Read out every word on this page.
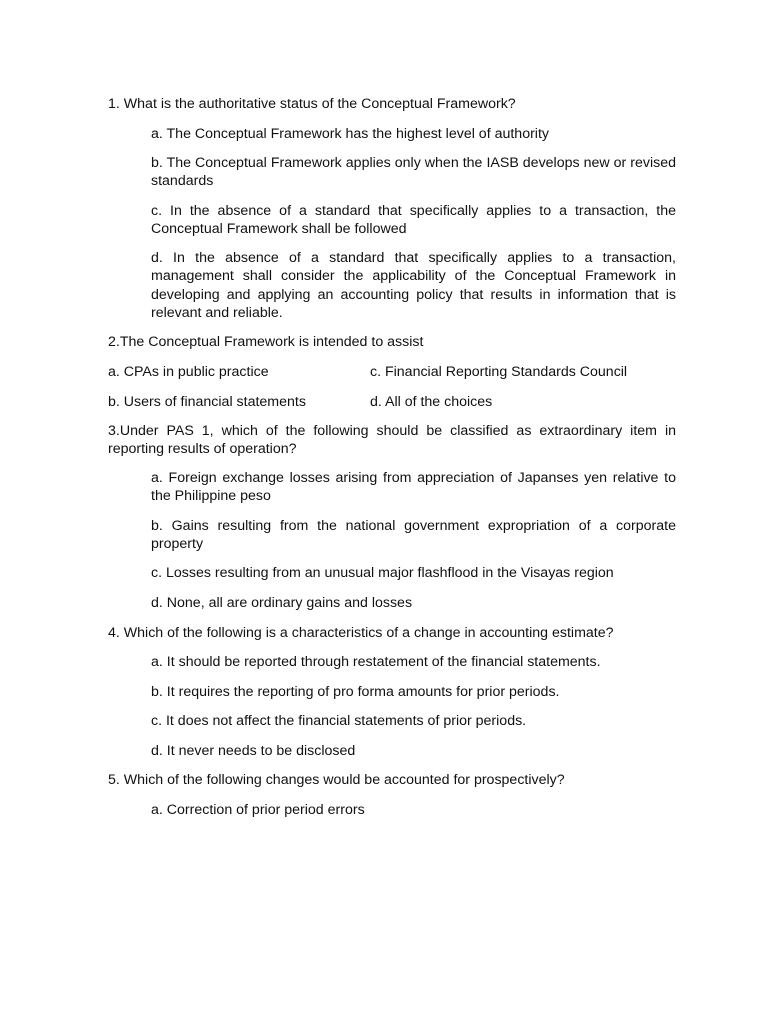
1. What is the authoritative status of the Conceptual Framework?

a. The Conceptual Framework has the highest level of authority

b. The Conceptual Framework applies only when the IASB develops new or revised standards

c. In the absence of a standard that specifically applies to a transaction, the Conceptual Framework shall be followed

d. In the absence of a standard that specifically applies to a transaction, management shall consider the applicability of the Conceptual Framework in developing and applying an accounting policy that results in information that is relevant and reliable.

2.The Conceptual Framework is intended to assist

a. CPAs in public practice	c. Financial Reporting Standards Council

b. Users of financial statements	d. All of the choices

3.Under PAS 1, which of the following should be classified as extraordinary item in reporting results of operation?

a. Foreign exchange losses arising from appreciation of Japanses yen relative to the Philippine peso

b. Gains resulting from the national government expropriation of a corporate property

c. Losses resulting from an unusual major flashflood in the Visayas region

d. None, all are ordinary gains and losses

4. Which of the following is a characteristics of a change in accounting estimate?

a. It should be reported through restatement of the financial statements.

b. It requires the reporting of pro forma amounts for prior periods.

c. It does not affect the financial statements of prior periods.

d. It never needs to be disclosed

5. Which of the following changes would be accounted for prospectively?

a. Correction of prior period errors
